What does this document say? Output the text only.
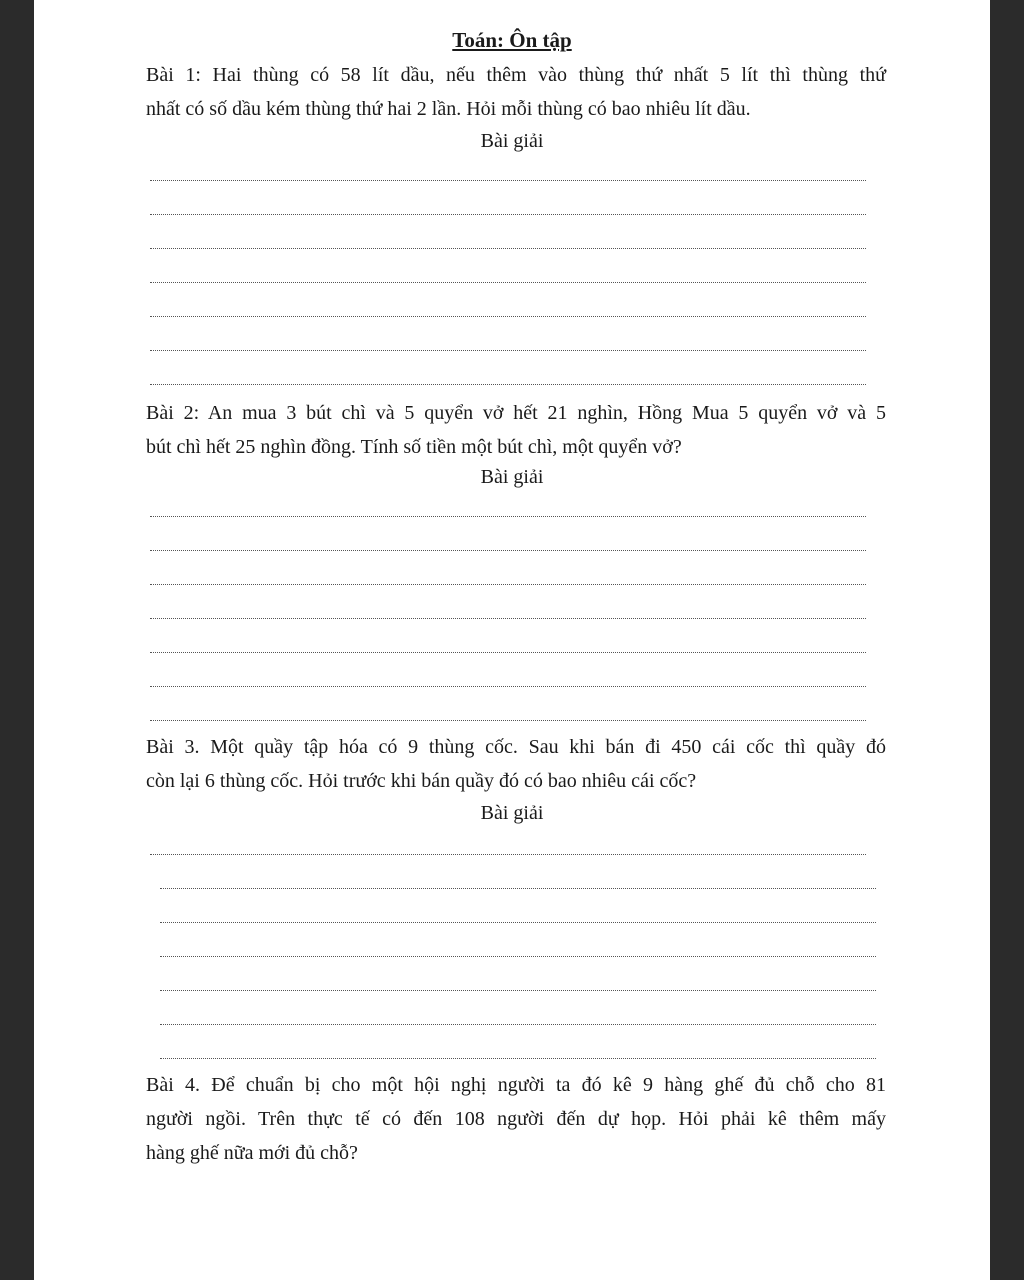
Toán: Ôn tập
Bài 1: Hai thùng có 58 lít dầu, nếu thêm vào thùng thứ nhất 5 lít thì thùng thứ
nhất có số dầu kém thùng thứ hai 2 lần. Hỏi mỗi thùng có bao nhiêu lít dầu.
Bài giải
Bài 2: An mua 3 bút chì và 5 quyển vở hết 21 nghìn, Hồng Mua 5 quyển vở và 5
bút chì hết 25 nghìn đồng. Tính số tiền một bút chì, một quyển vở?
Bài giải
Bài 3. Một quầy tập hóa có 9 thùng cốc. Sau khi bán đi 450 cái cốc thì quầy đó
còn lại 6 thùng cốc. Hỏi trước khi bán quầy đó có bao nhiêu cái cốc?
Bài giải
Bài 4. Để chuẩn bị cho một hội nghị người ta đó kê 9 hàng ghế đủ chỗ cho 81
người ngồi. Trên thực tế có đến 108 người đến dự họp. Hỏi phải kê thêm mấy
hàng ghế nữa mới đủ chỗ?
